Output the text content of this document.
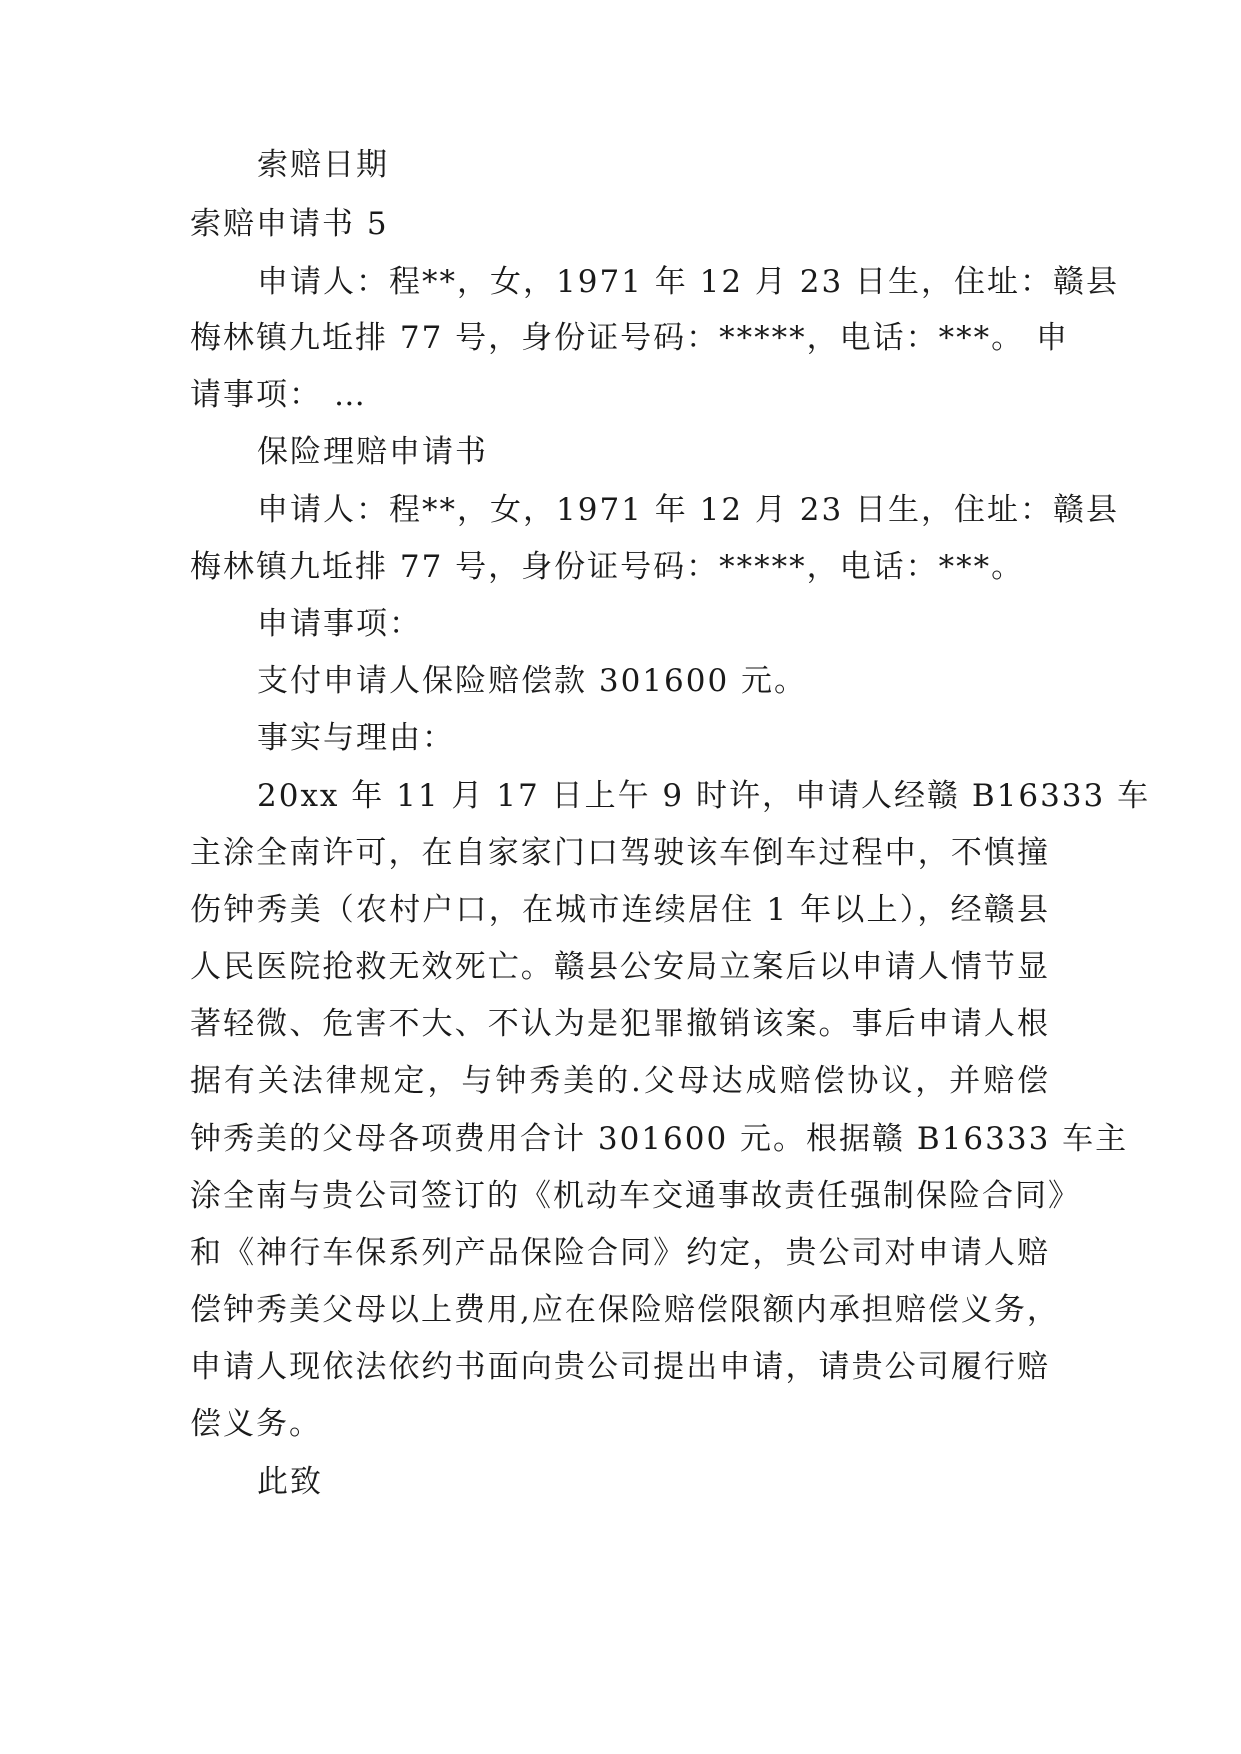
索赔日期
索赔申请书 5
申请人：程**，女，1971 年 12 月 23 日生，住址：赣县
梅林镇九坵排 77 号，身份证号码：*****，电话：***。 申
请事项： …
保险理赔申请书
申请人：程**，女，1971 年 12 月 23 日生，住址：赣县
梅林镇九坵排 77 号，身份证号码：*****，电话：***。
申请事项：
支付申请人保险赔偿款 301600 元。
事实与理由：
20xx 年 11 月 17 日上午 9 时许，申请人经赣 B16333 车
主涂全南许可，在自家家门口驾驶该车倒车过程中，不慎撞
伤钟秀美（农村户口，在城市连续居住 1 年以上），经赣县
人民医院抢救无效死亡。赣县公安局立案后以申请人情节显
著轻微、危害不大、不认为是犯罪撤销该案。事后申请人根
据有关法律规定，与钟秀美的.父母达成赔偿协议，并赔偿
钟秀美的父母各项费用合计 301600 元。根据赣 B16333 车主
涂全南与贵公司签订的《机动车交通事故责任强制保险合同》
和《神行车保系列产品保险合同》约定，贵公司对申请人赔
偿钟秀美父母以上费用,应在保险赔偿限额内承担赔偿义务，
申请人现依法依约书面向贵公司提出申请，请贵公司履行赔
偿义务。
此致
